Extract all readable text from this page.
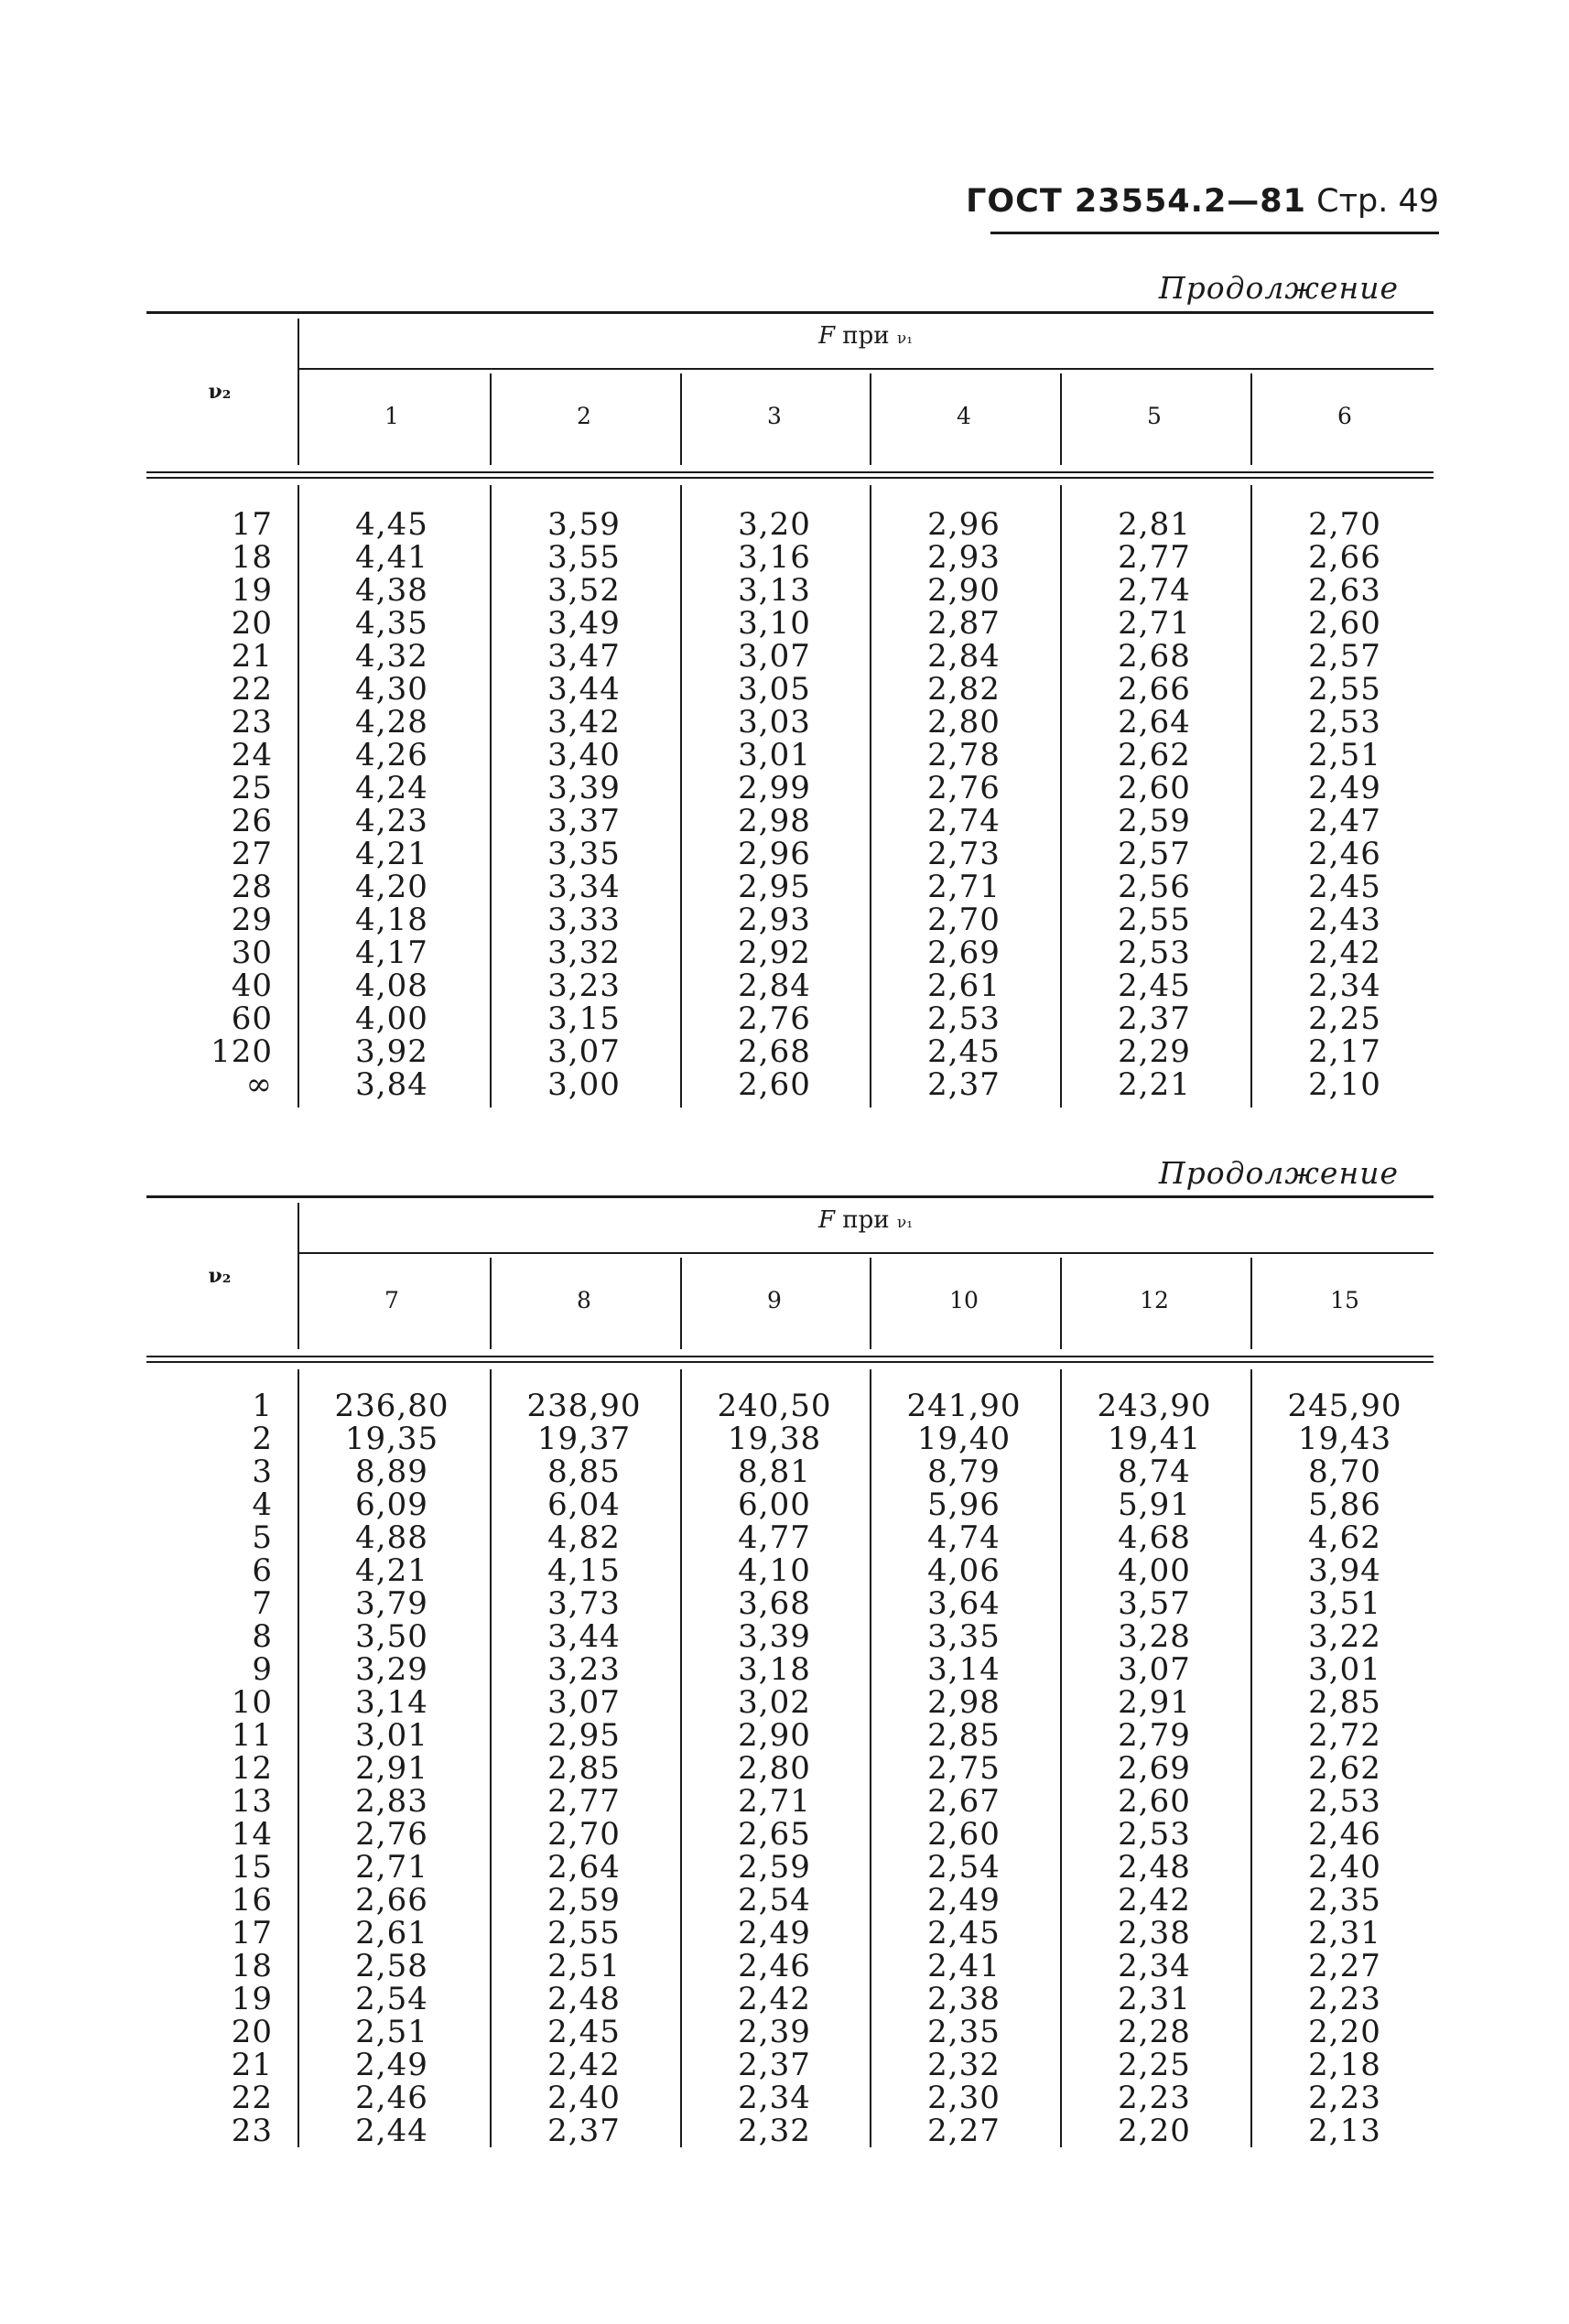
ГОСТ 23554.2—81 Стр. 49
Продолжение
F при ν₁
ν₂
17	4,45	3,59	3,20	2,96	2,81	2,70
18	4,41	3,55	3,16	2,93	2,77	2,66
19	4,38	3,52	3,13	2,90	2,74	2,63
20	4,35	3,49	3,10	2,87	2,71	2,60
21	4,32	3,47	3,07	2,84	2,68	2,57
22	4,30	3,44	3,05	2,82	2,66	2,55
23	4,28	3,42	3,03	2,80	2,64	2,53
24	4,26	3,40	3,01	2,78	2,62	2,51
25	4,24	3,39	2,99	2,76	2,60	2,49
26	4,23	3,37	2,98	2,74	2,59	2,47
27	4,21	3,35	2,96	2,73	2,57	2,46
28	4,20	3,34	2,95	2,71	2,56	2,45
29	4,18	3,33	2,93	2,70	2,55	2,43
30	4,17	3,32	2,92	2,69	2,53	2,42
40	4,08	3,23	2,84	2,61	2,45	2,34
60	4,00	3,15	2,76	2,53	2,37	2,25
120	3,92	3,07	2,68	2,45	2,29	2,17
∞	3,84	3,00	2,60	2,37	2,21	2,10
1	2	3	4	5	6
Продолжение
F при ν₁
ν₂
1	236,80	238,90	240,50	241,90	243,90	245,90
2	19,35	19,37	19,38	19,40	19,41	19,43
3	8,89	8,85	8,81	8,79	8,74	8,70
4	6,09	6,04	6,00	5,96	5,91	5,86
5	4,88	4,82	4,77	4,74	4,68	4,62
6	4,21	4,15	4,10	4,06	4,00	3,94
7	3,79	3,73	3,68	3,64	3,57	3,51
8	3,50	3,44	3,39	3,35	3,28	3,22
9	3,29	3,23	3,18	3,14	3,07	3,01
10	3,14	3,07	3,02	2,98	2,91	2,85
11	3,01	2,95	2,90	2,85	2,79	2,72
12	2,91	2,85	2,80	2,75	2,69	2,62
13	2,83	2,77	2,71	2,67	2,60	2,53
14	2,76	2,70	2,65	2,60	2,53	2,46
15	2,71	2,64	2,59	2,54	2,48	2,40
16	2,66	2,59	2,54	2,49	2,42	2,35
17	2,61	2,55	2,49	2,45	2,38	2,31
18	2,58	2,51	2,46	2,41	2,34	2,27
19	2,54	2,48	2,42	2,38	2,31	2,23
20	2,51	2,45	2,39	2,35	2,28	2,20
21	2,49	2,42	2,37	2,32	2,25	2,18
22	2,46	2,40	2,34	2,30	2,23	2,23
23	2,44	2,37	2,32	2,27	2,20	2,13
7	8	9	10	12	15
